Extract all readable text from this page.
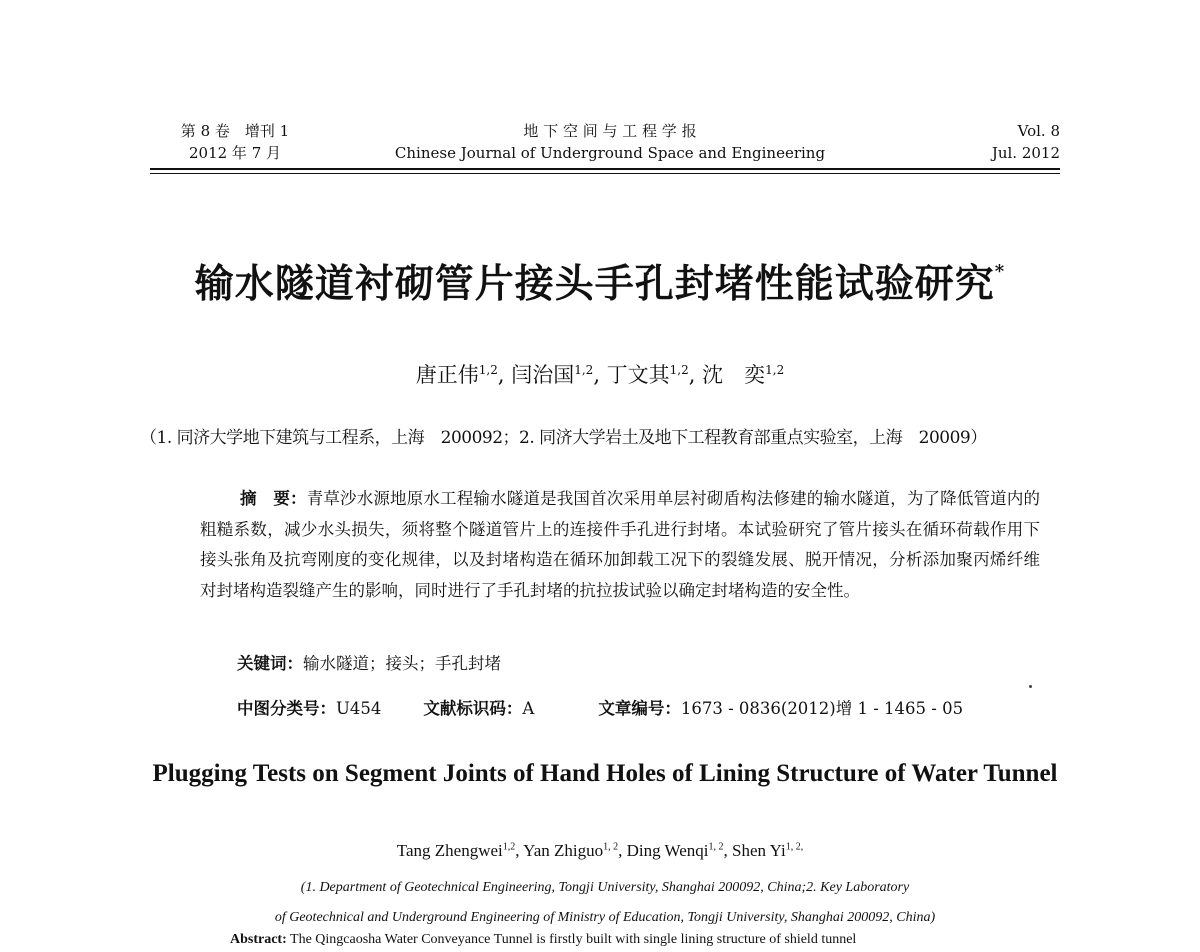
第 8 卷　增刊 1
2012 年 7 月
地 下 空 间 与 工 程 学 报
Chinese Journal of Underground Space and Engineering
Vol. 8
Jul. 2012
输水隧道衬砌管片接头手孔封堵性能试验研究*
唐正伟$^{1,2}$, 闫治国$^{1,2}$, 丁文其$^{1,2}$, 沈　奕$^{1,2}$
（1. 同济大学地下建筑与工程系，上海　200092；2. 同济大学岩土及地下工程教育部重点实验室，上海　20009）
摘　要：青草沙水源地原水工程输水隧道是我国首次采用单层衬砌盾构法修建的输水隧道，为了降低管道内的粗糙系数，减少水头损失，须将整个隧道管片上的连接件手孔进行封堵。本试验研究了管片接头在循环荷载作用下接头张角及抗弯刚度的变化规律，以及封堵构造在循环加卸载工况下的裂缝发展、脱开情况，分析添加聚丙烯纤维对封堵构造裂缝产生的影响，同时进行了手孔封堵的抗拉拔试验以确定封堵构造的安全性。
关键词：输水隧道；接头；手孔封堵
中图分类号：U454	文献标识码：A	文章编号：1673 - 0836(2012)增 1 - 1465 - 05
Plugging Tests on Segment Joints of Hand Holes of Lining Structure of Water Tunnel
Tang Zhengwei$^{1,2}$, Yan Zhiguo$^{1, 2}$, Ding Wenqi$^{1, 2}$, Shen $Yi^{1, 2,}$
(1. Department of Geotechnical Engineering, Tongji University, Shanghai 200092, China;2. Key Laboratory
of Geotechnical and Underground Engineering of Ministry of Education, Tongji University, Shanghai 200092, China)
Abstract: The Qingcaosha Water Conveyance Tunnel is firstly built with single lining structure of shield tunnel
